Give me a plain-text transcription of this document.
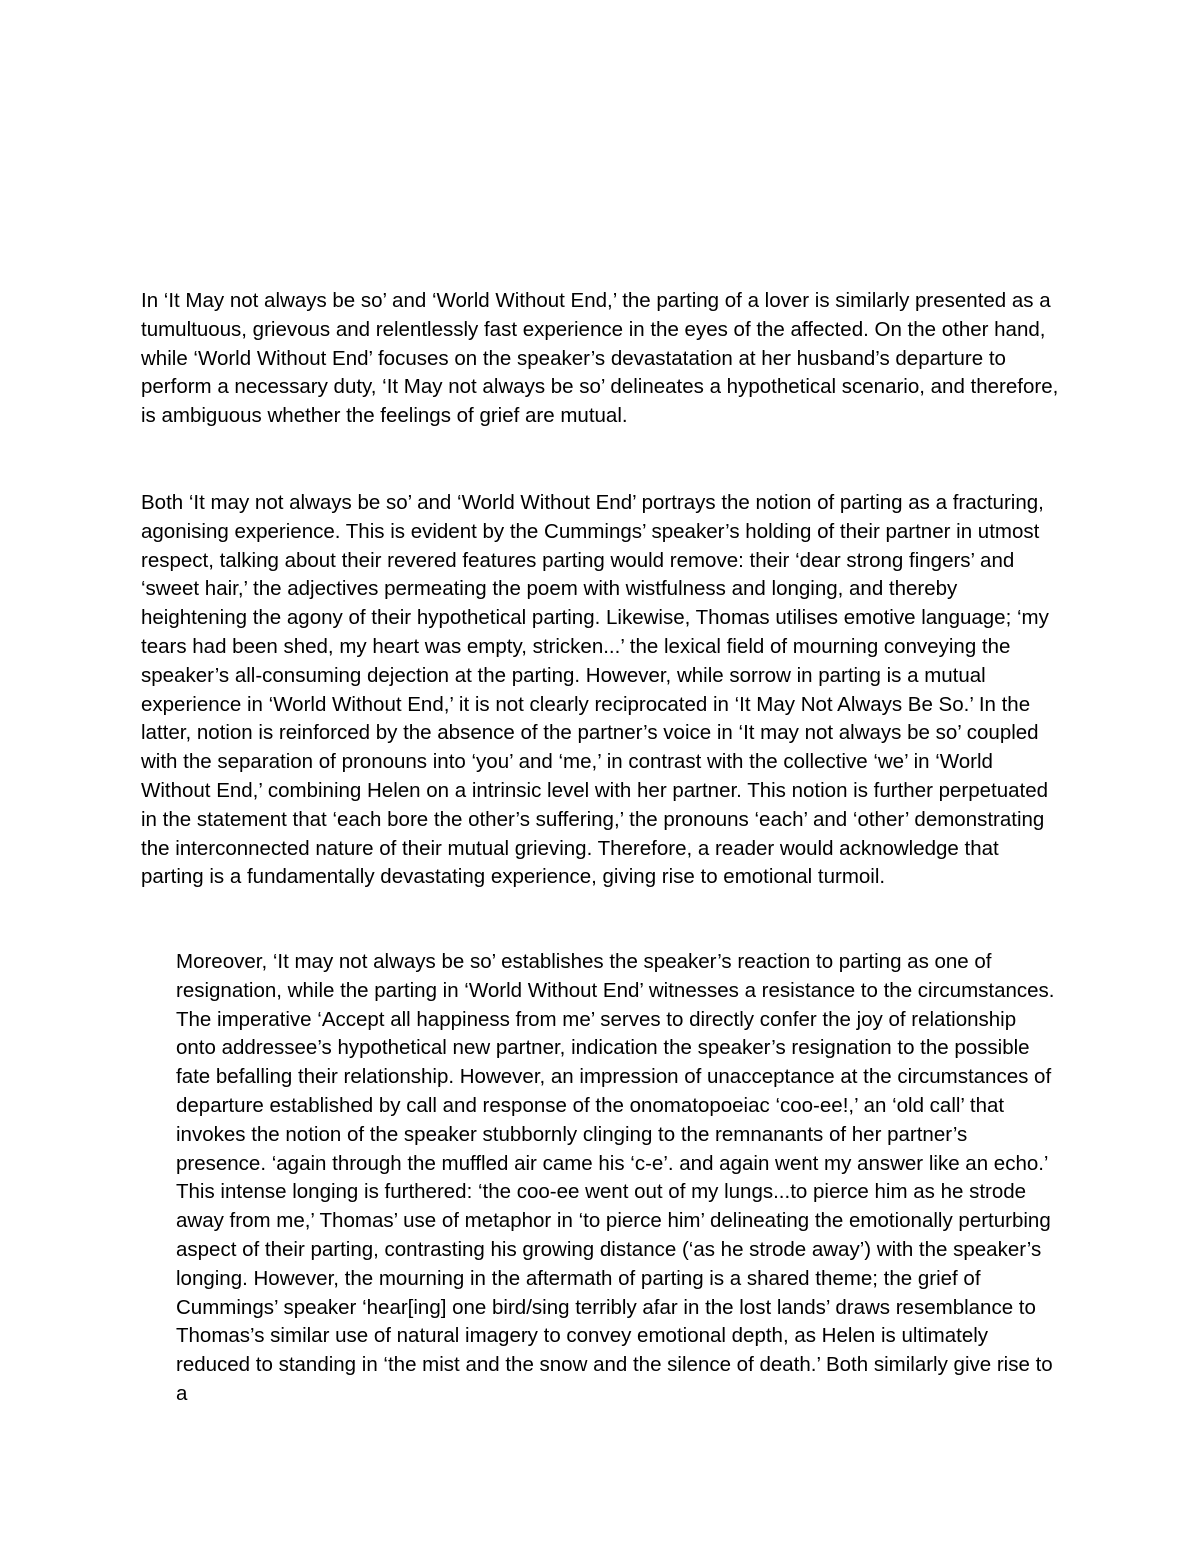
In ‘It May not always be so’ and ‘World Without End,’ the parting of a lover is similarly presented as a tumultuous, grievous and relentlessly fast experience in the eyes of the affected. On the other hand, while ‘World Without End’ focuses on the speaker’s devastatation at her husband’s departure to perform a necessary duty, ‘It May not always be so’ delineates a hypothetical scenario, and therefore, is ambiguous whether the feelings of grief are mutual.

Both ‘It may not always be so’ and ‘World Without End’ portrays the notion of parting as a fracturing, agonising experience. This is evident by the Cummings’ speaker’s holding of their partner in utmost respect, talking about their revered features parting would remove: their ‘dear strong fingers’ and ‘sweet hair,’ the adjectives permeating the poem with wistfulness and longing, and thereby heightening the agony of their hypothetical parting. Likewise, Thomas utilises emotive language; ‘my tears had been shed, my heart was empty, stricken...’ the lexical field of mourning conveying the speaker’s all-consuming dejection at the parting. However, while sorrow in parting is a mutual experience in ‘World Without End,’ it is not clearly reciprocated in ‘It May Not Always Be So.’ In the latter, notion is reinforced by the absence of the partner’s voice in ‘It may not always be so’ coupled with the separation of pronouns into ‘you’ and ‘me,’ in contrast with the collective ‘we’ in ‘World Without End,’ combining Helen on a intrinsic level with her partner. This notion is further perpetuated in the statement that ‘each bore the other’s suffering,’ the pronouns ‘each’ and ‘other’ demonstrating the interconnected nature of their mutual grieving. Therefore, a reader would acknowledge that parting is a fundamentally devastating experience, giving rise to emotional turmoil.

Moreover, ‘It may not always be so’ establishes the speaker’s reaction to parting as one of resignation, while the parting in ‘World Without End’ witnesses a resistance to the circumstances. The imperative ‘Accept all happiness from me’ serves to directly confer the joy of relationship onto addressee’s hypothetical new partner, indication the speaker’s resignation to the possible fate befalling their relationship. However, an impression of unacceptance at the circumstances of departure established by call and response of the onomatopoeiac ‘coo-ee!,’ an ‘old call’ that invokes the notion of the speaker stubbornly clinging to the remnanants of her partner’s presence. ‘again through the muffled air came his ‘c-e’. and again went my answer like an echo.’ This intense longing is furthered: ‘the coo-ee went out of my lungs...to pierce him as he strode away from me,’ Thomas’ use of metaphor in ‘to pierce him’ delineating the emotionally perturbing aspect of their parting, contrasting his growing distance (‘as he strode away’) with the speaker’s longing. However, the mourning in the aftermath of parting is a shared theme; the grief of Cummings’ speaker ‘hear[ing] one bird/sing terribly afar in the lost lands’ draws resemblance to Thomas’s similar use of natural imagery to convey emotional depth, as Helen is ultimately reduced to standing in ‘the mist and the snow and the silence of death.’ Both similarly give rise to a
